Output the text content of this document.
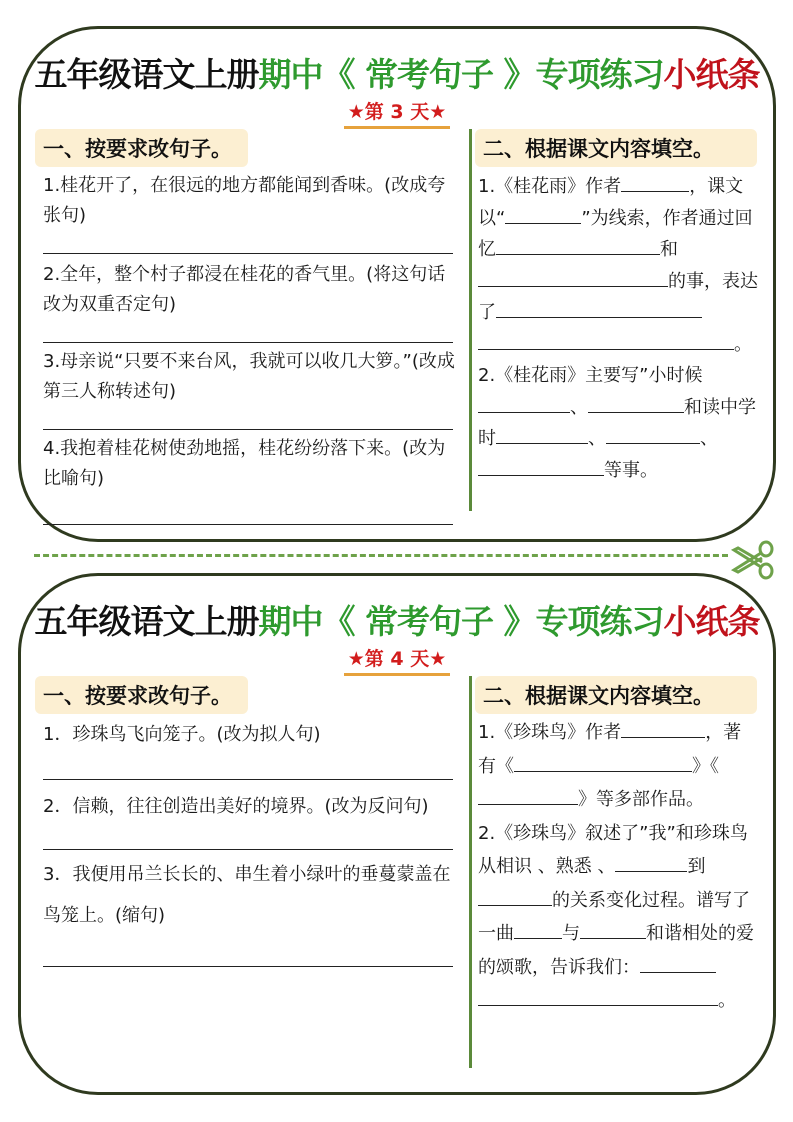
五年级语文上册期中《 常考句子 》专项练习小纸条
★第 3 天★
一、按要求改句子。
1.桂花开了，在很远的地方都能闻到香味。(改成夸张句)
2.全年，整个村子都浸在桂花的香气里。(将这句话改为双重否定句)
3.母亲说“只要不来台风，我就可以收几大箩。”(改成第三人称转述句)
4.我抱着桂花树使劲地摇，桂花纷纷落下来。(改为比喻句)
二、根据课文内容填空。
1.《桂花雨》作者	，课文以“	”为线索，作者通过回忆	和的事，表达了。
2.《桂花雨》主要写”小时候、	和读中学时	、	、等事。
五年级语文上册期中《 常考句子 》专项练习小纸条
★第 4 天★
一、按要求改句子。
1．珍珠鸟飞向笼子。(改为拟人句)
2．信赖，往往创造出美好的境界。(改为反问句)
3．我便用吊兰长长的、串生着小绿叶的垂蔓蒙盖在鸟笼上。(缩句)
二、根据课文内容填空。
1.《珍珠鸟》作者	，著有《	》《》等多部作品。
2.《珍珠鸟》叙述了”我”和珍珠鸟从相识 、熟悉 、	到的关系变化过程。谱写了一曲	与	和谐相处的爱的颂歌，告诉我们：。
